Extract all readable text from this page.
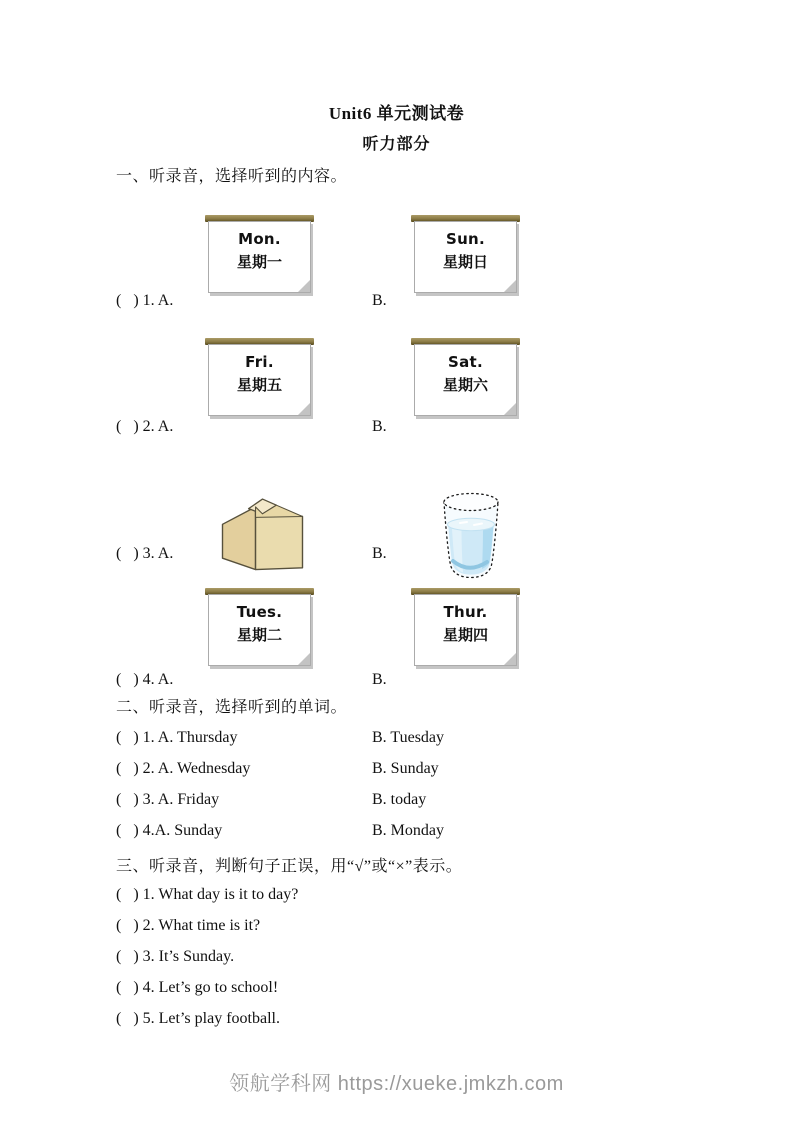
Unit6 单元测试卷
听力部分
一、听录音，选择听到的内容。
Mon.
星期一
Sun.
星期日
(   ) 1. A.	B.
Fri.
星期五
Sat.
星期六
(   ) 2. A.	B.

(   ) 3. A.	B.
Tues.
星期二
Thur.
星期四
(   ) 4. A.	B.
二、听录音，选择听到的单词。
(   ) 1. A. Thursday	B. Tuesday
(   ) 2. A. Wednesday	B. Sunday
(   ) 3. A. Friday	B. today
(   ) 4.A. Sunday	B. Monday
三、听录音，判断句子正误，用“√”或“×”表示。
(   ) 1. What day is it to day?
(   ) 2. What time is it?
(   ) 3. It’s Sunday.
(   ) 4. Let’s go to school!
(   ) 5. Let’s play football.
领航学科网 https://xueke.jmkzh.com
